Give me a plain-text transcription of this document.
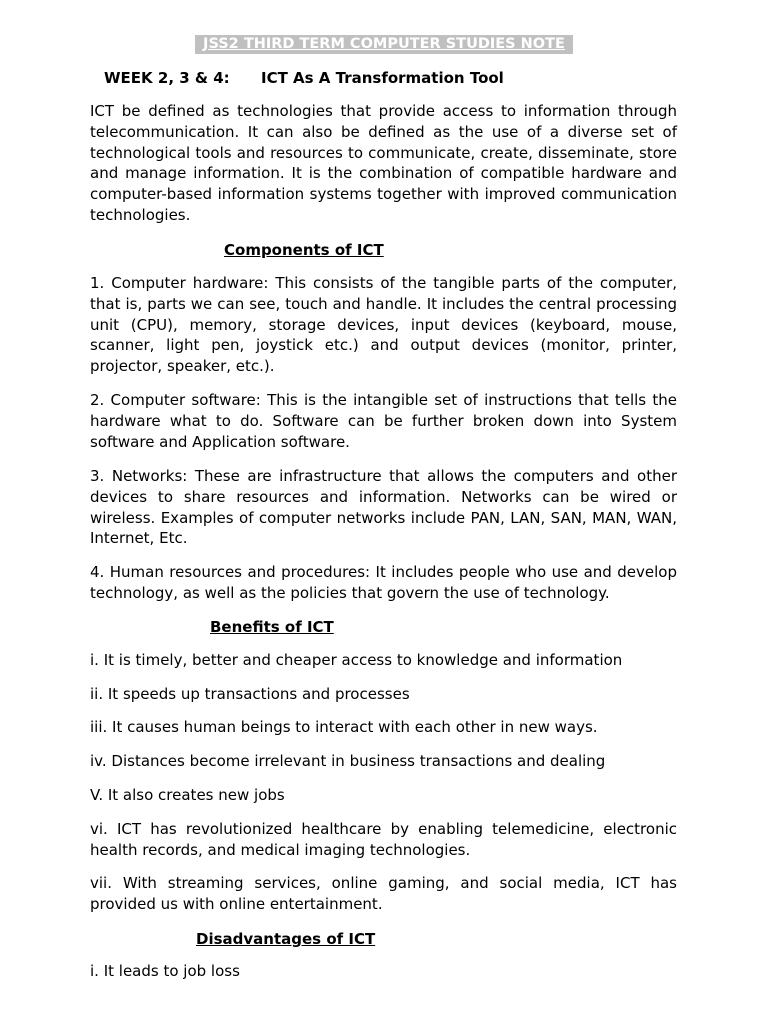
JSS2 THIRD TERM COMPUTER STUDIES NOTE
WEEK 2, 3 & 4: ICT As A Transformation Tool

ICT be defined as technologies that provide access to information through telecommunication. It can also be defined as the use of a diverse set of technological tools and resources to communicate, create, disseminate, store and manage information. It is the combination of compatible hardware and computer-based information systems together with improved communication technologies.

Components of ICT

1. Computer hardware: This consists of the tangible parts of the computer, that is, parts we can see, touch and handle. It includes the central processing unit (CPU), memory, storage devices, input devices (keyboard, mouse, scanner, light pen, joystick etc.) and output devices (monitor, printer, projector, speaker, etc.).

2. Computer software: This is the intangible set of instructions that tells the hardware what to do. Software can be further broken down into System software and Application software.

3. Networks: These are infrastructure that allows the computers and other devices to share resources and information. Networks can be wired or wireless. Examples of computer networks include PAN, LAN, SAN, MAN, WAN, Internet, Etc.

4. Human resources and procedures: It includes people who use and develop technology, as well as the policies that govern the use of technology.

Benefits of ICT

i. It is timely, better and cheaper access to knowledge and information

ii. It speeds up transactions and processes

iii. It causes human beings to interact with each other in new ways.

iv. Distances become irrelevant in business transactions and dealing

V. It also creates new jobs

vi. ICT has revolutionized healthcare by enabling telemedicine, electronic health records, and medical imaging technologies.

vii. With streaming services, online gaming, and social media, ICT has provided us with online entertainment.

Disadvantages of ICT

i. It leads to job loss
